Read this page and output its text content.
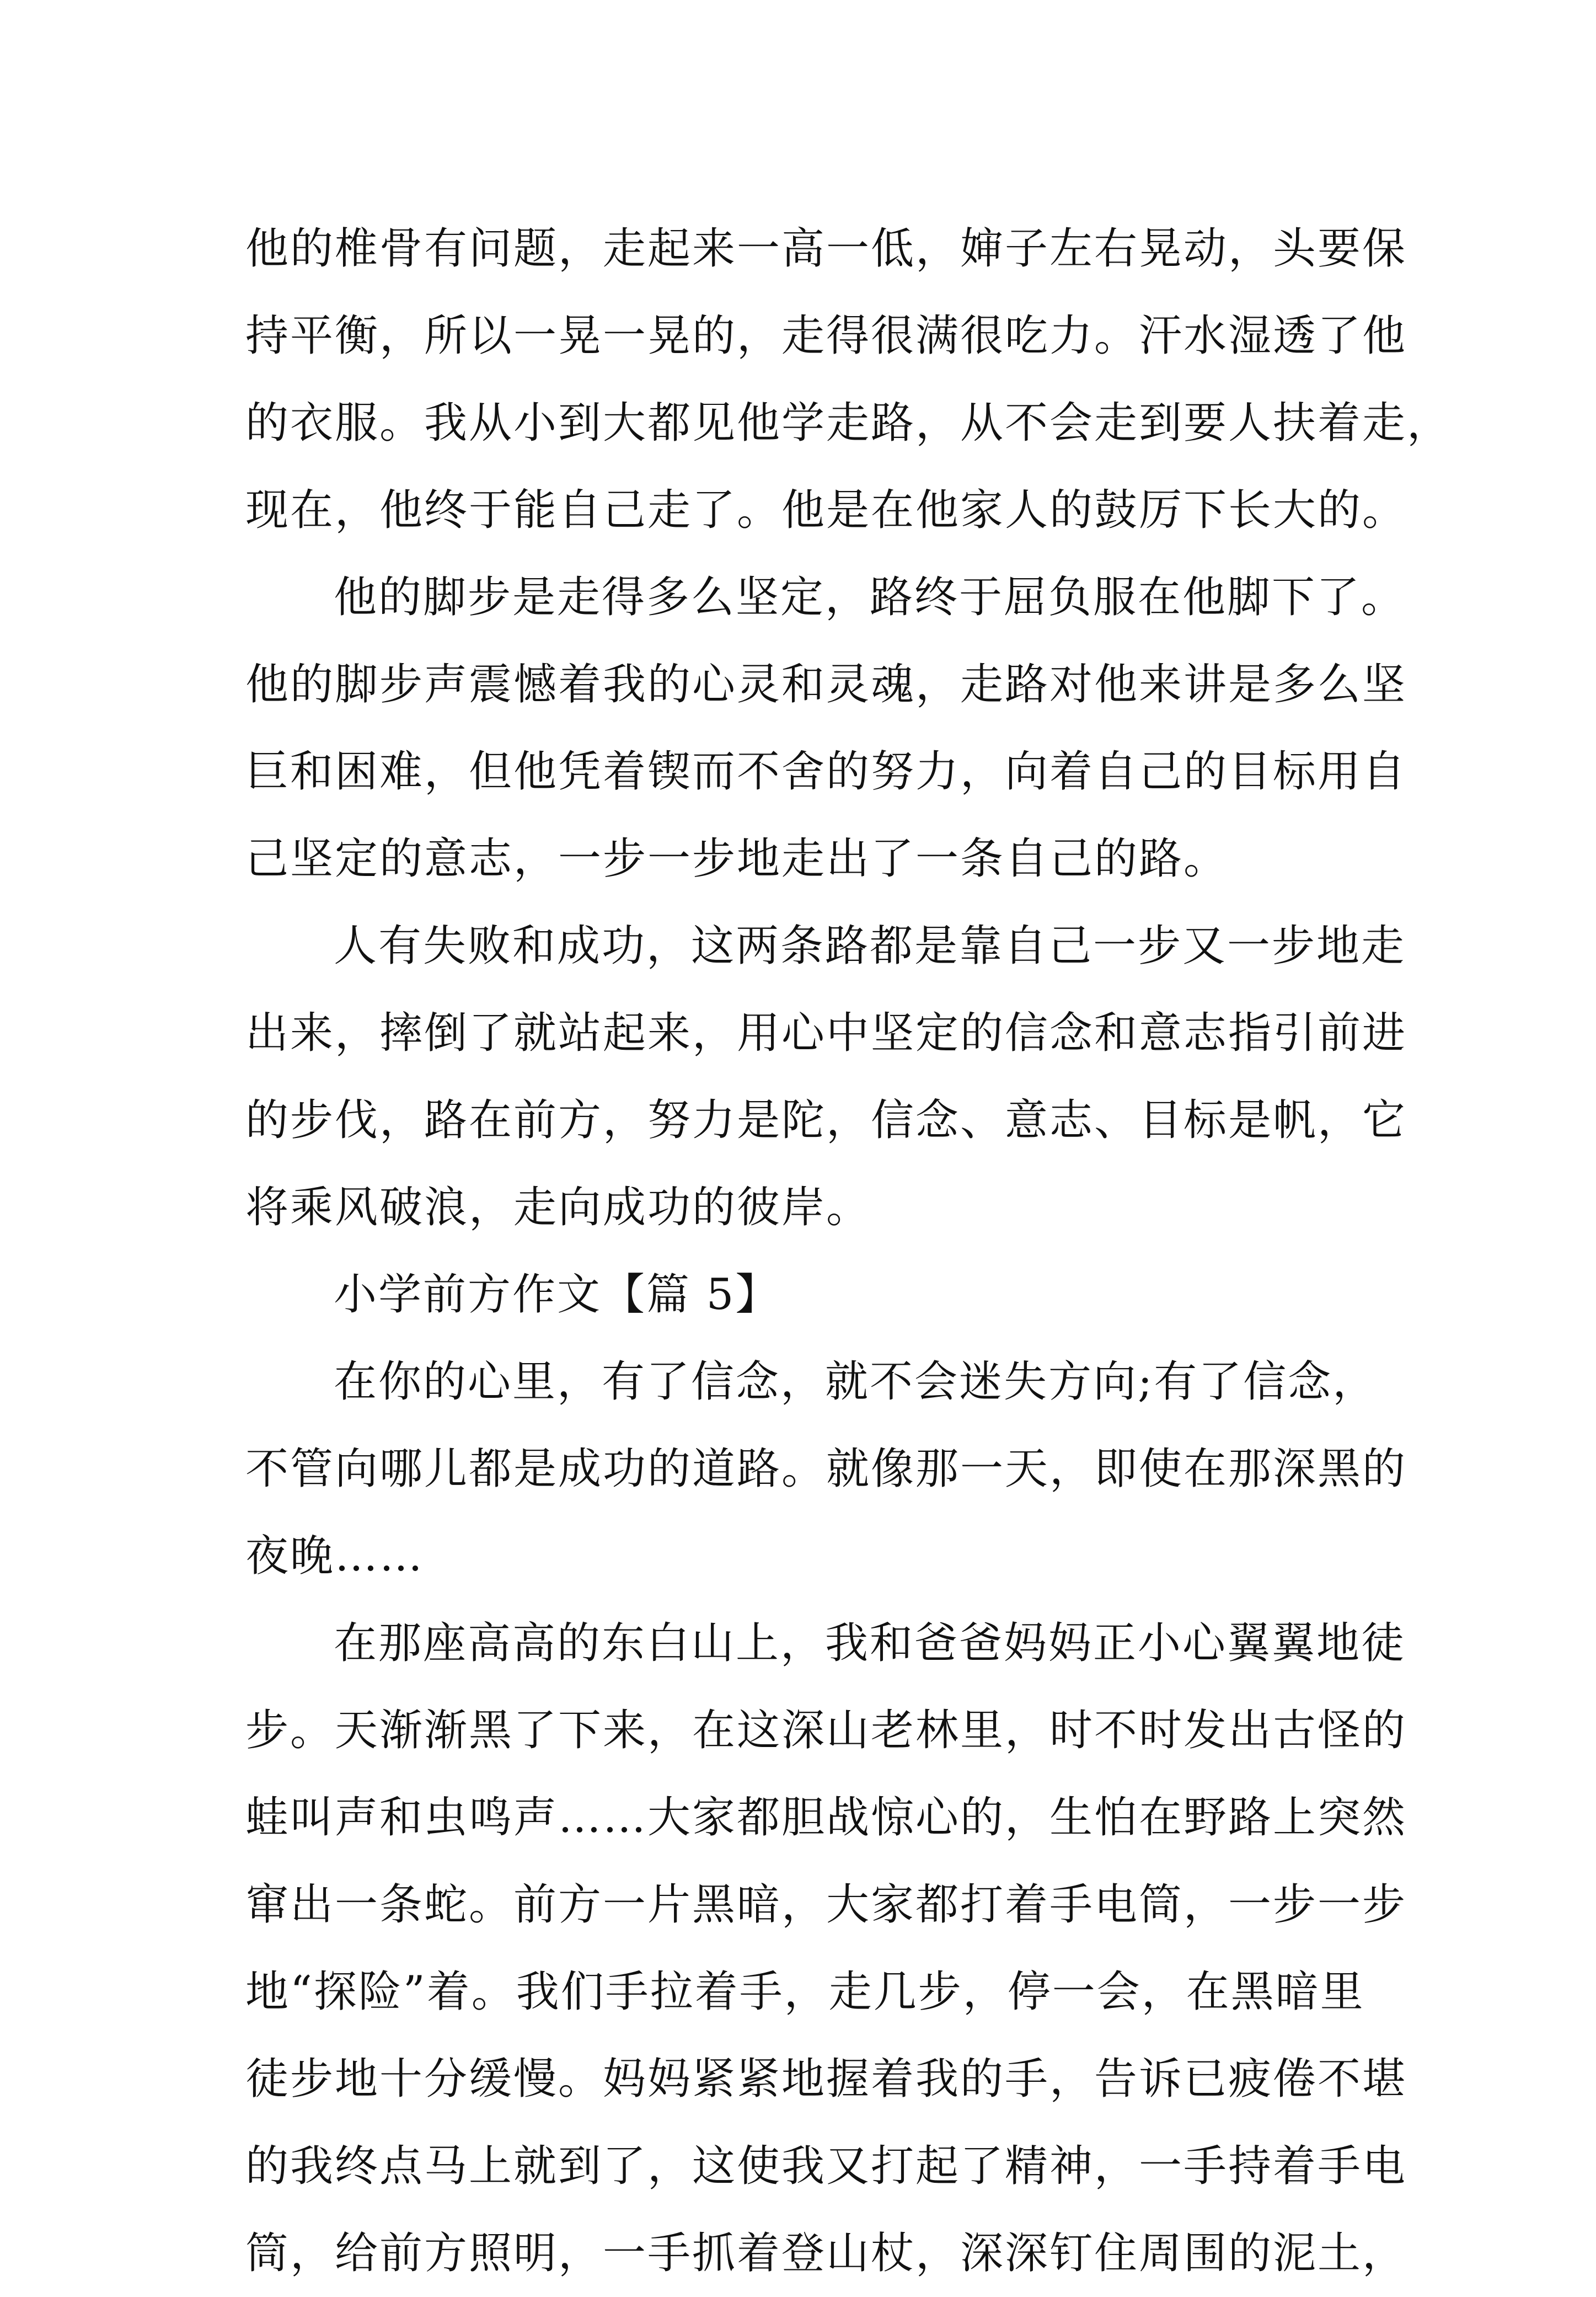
他的椎骨有问题，走起来一高一低，婶子左右晃动，头要保
持平衡，所以一晃一晃的，走得很满很吃力。汗水湿透了他
的衣服。我从小到大都见他学走路，从不会走到要人扶着走，
现在，他终于能自己走了。他是在他家人的鼓厉下长大的。
他的脚步是走得多么坚定，路终于屈负服在他脚下了。
他的脚步声震憾着我的心灵和灵魂，走路对他来讲是多么坚
巨和困难，但他凭着锲而不舍的努力，向着自己的目标用自
己坚定的意志，一步一步地走出了一条自己的路。
人有失败和成功，这两条路都是靠自己一步又一步地走
出来，摔倒了就站起来，用心中坚定的信念和意志指引前进
的步伐，路在前方，努力是陀，信念、意志、目标是帆，它
将乘风破浪，走向成功的彼岸。
小学前方作文【篇 5】
在你的心里，有了信念，就不会迷失方向;有了信念，
不管向哪儿都是成功的道路。就像那一天，即使在那深黑的
夜晚……
在那座高高的东白山上，我和爸爸妈妈正小心翼翼地徒
步。天渐渐黑了下来，在这深山老林里，时不时发出古怪的
蛙叫声和虫鸣声……大家都胆战惊心的，生怕在野路上突然
窜出一条蛇。前方一片黑暗，大家都打着手电筒，一步一步
地“探险”着。我们手拉着手，走几步，停一会，在黑暗里
徒步地十分缓慢。妈妈紧紧地握着我的手，告诉已疲倦不堪
的我终点马上就到了，这使我又打起了精神，一手持着手电
筒，给前方照明，一手抓着登山杖，深深钉住周围的泥土，
